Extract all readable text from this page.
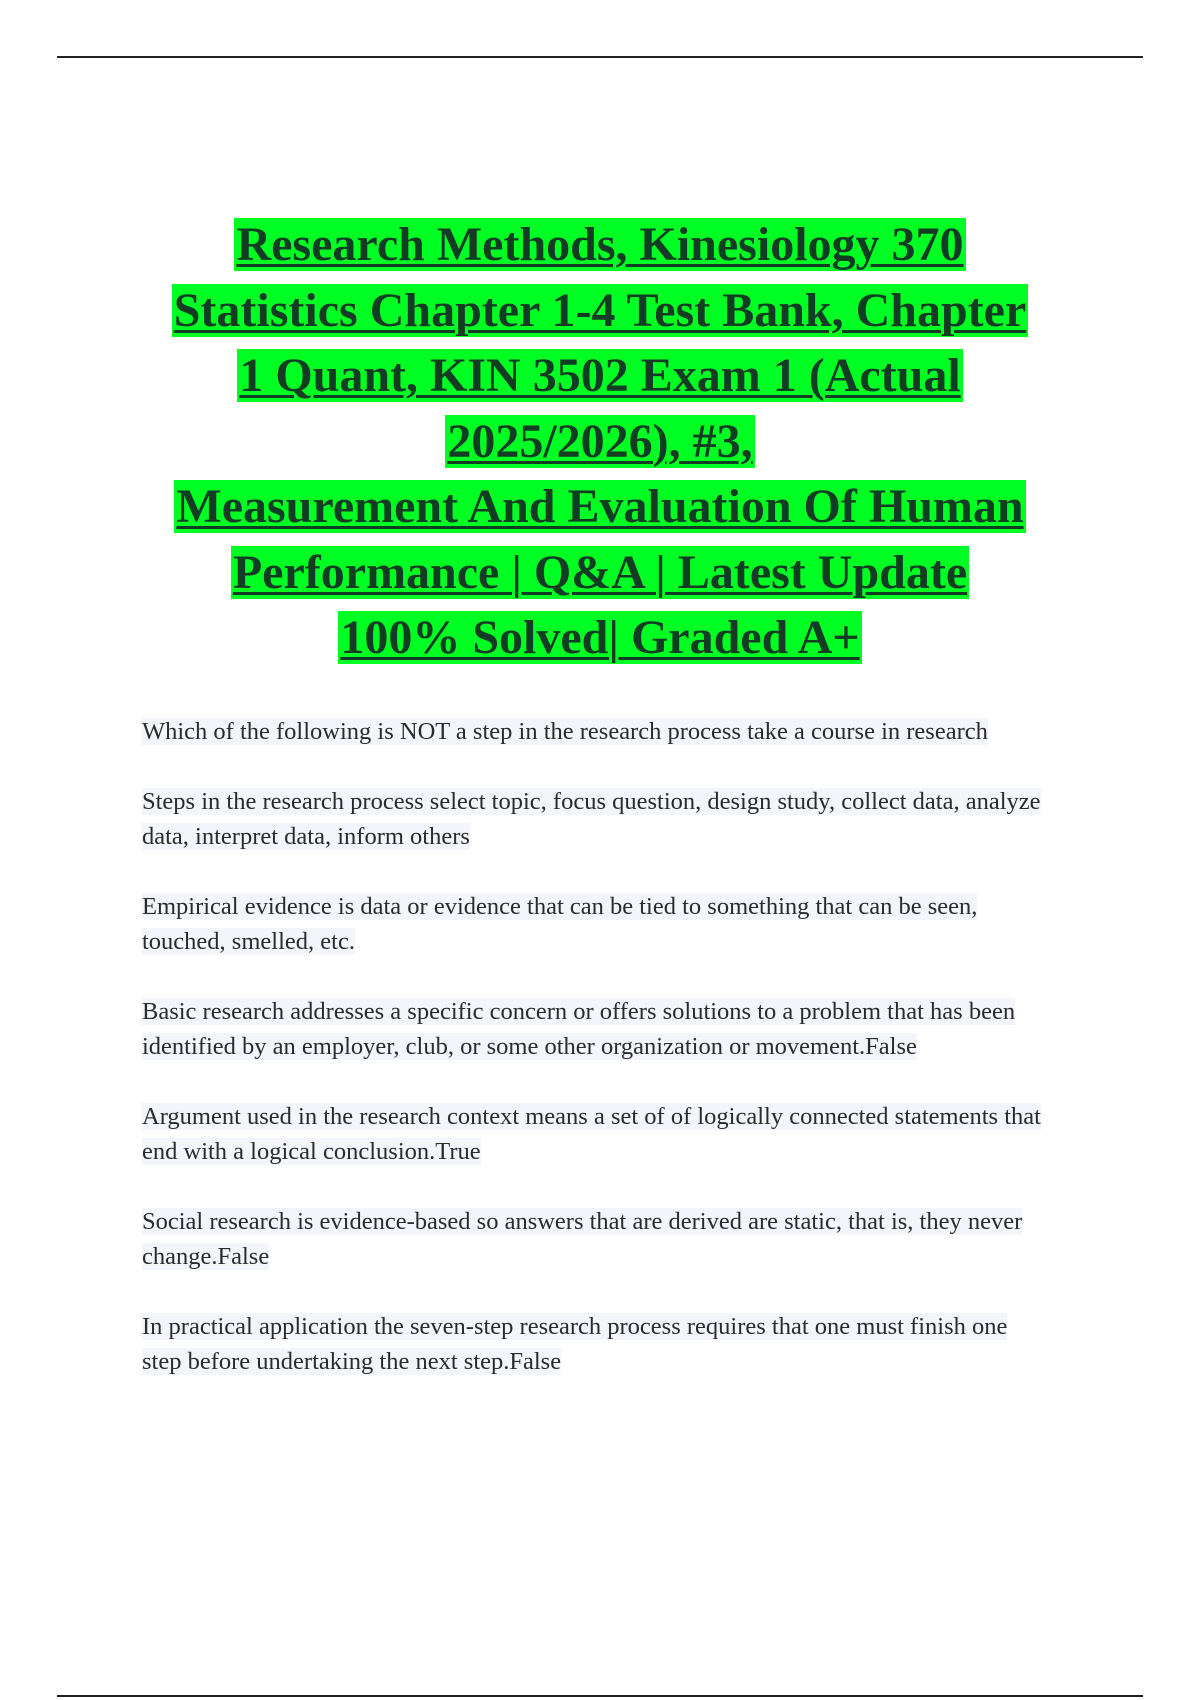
Research Methods, Kinesiology 370
Statistics Chapter 1-4 Test Bank, Chapter
1 Quant, KIN 3502 Exam 1 (Actual
2025/2026), #3,
Measurement And Evaluation Of Human
Performance | Q&A | Latest Update
100% Solved| Graded A+

Which of the following is NOT a step in the research process take a course in research

Steps in the research process select topic, focus question, design study, collect data, analyze data, interpret data, inform others

Empirical evidence is data or evidence that can be tied to something that can be seen, touched, smelled, etc.

Basic research addresses a specific concern or offers solutions to a problem that has been identified by an employer, club, or some other organization or movement.False

Argument used in the research context means a set of of logically connected statements that end with a logical conclusion.True

Social research is evidence-based so answers that are derived are static, that is, they never change.False

In practical application the seven-step research process requires that one must finish one step before undertaking the next step.False
